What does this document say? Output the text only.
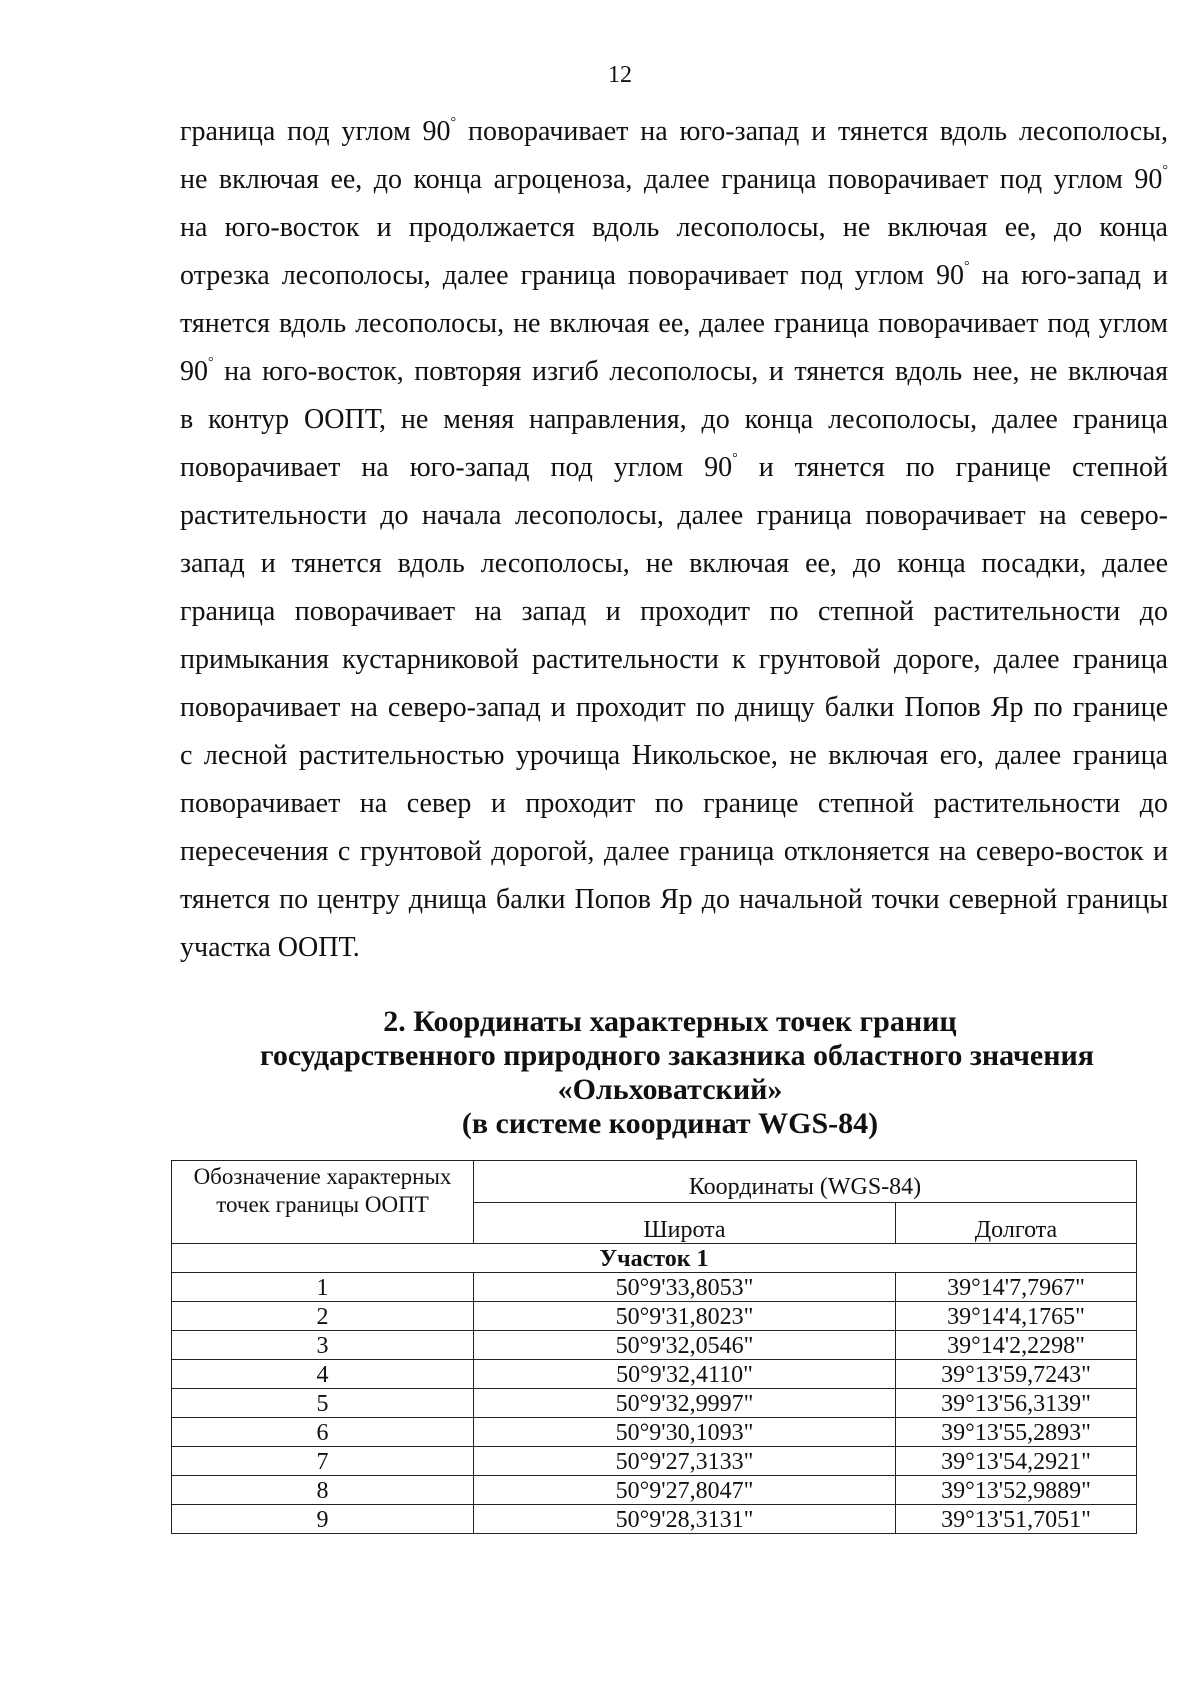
12
граница под углом 90° поворачивает на юго-запад и тянется вдоль лесополосы,
не включая ее, до конца агроценоза, далее граница поворачивает под углом 90°
на юго-восток и продолжается вдоль лесополосы, не включая ее, до конца
отрезка лесополосы, далее граница поворачивает под углом 90° на юго-запад и
тянется вдоль лесополосы, не включая ее, далее граница поворачивает под углом
90° на юго-восток, повторяя изгиб лесополосы, и тянется вдоль нее, не включая
в контур ООПТ, не меняя направления, до конца лесополосы, далее граница
поворачивает на юго-запад под углом 90° и тянется по границе степной
растительности до начала лесополосы, далее граница поворачивает на северо-
запад и тянется вдоль лесополосы, не включая ее, до конца посадки, далее
граница поворачивает на запад и проходит по степной растительности до
примыкания кустарниковой растительности к грунтовой дороге, далее граница
поворачивает на северо-запад и проходит по днищу балки Попов Яр по границе
с лесной растительностью урочища Никольское, не включая его, далее граница
поворачивает на север и проходит по границе степной растительности до
пересечения с грунтовой дорогой, далее граница отклоняется на северо-восток и
тянется по центру днища балки Попов Яр до начальной точки северной границы
участка ООПТ.
2. Координаты характерных точек границ
государственного природного заказника областного значения
«Ольховатский»
(в системе координат WGS-84)
Обозначение характерных точек границы ООПТ	Координаты (WGS-84)	
	Широта	Долгота
Участок 1		
1	50°9'33,8053"	39°14'7,7967"
2	50°9'31,8023"	39°14'4,1765"
3	50°9'32,0546"	39°14'2,2298"
4	50°9'32,4110"	39°13'59,7243"
5	50°9'32,9997"	39°13'56,3139"
6	50°9'30,1093"	39°13'55,2893"
7	50°9'27,3133"	39°13'54,2921"
8	50°9'27,8047"	39°13'52,9889"
9	50°9'28,3131"	39°13'51,7051"
